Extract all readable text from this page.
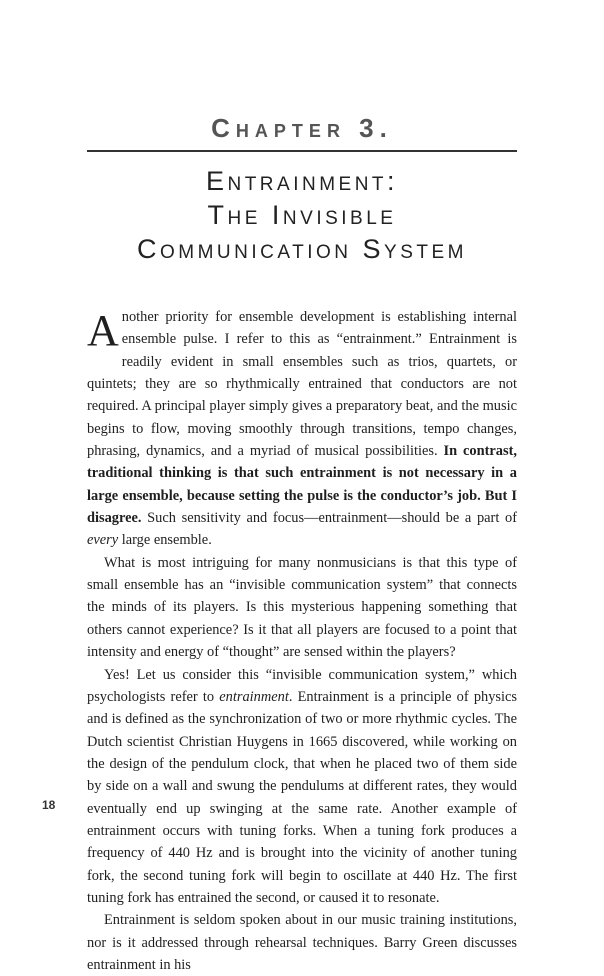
Chapter 3.
Entrainment:
The Invisible
Communication System

Another priority for ensemble development is establishing internal ensemble pulse. I refer to this as “entrainment.” Entrainment is readily evident in small ensembles such as trios, quartets, or quintets; they are so rhythmically entrained that conductors are not required. A principal player simply gives a preparatory beat, and the music begins to flow, moving smoothly through transitions, tempo changes, phrasing, dynamics, and a myriad of musical possibilities. In contrast, traditional thinking is that such entrainment is not necessary in a large ensemble, because setting the pulse is the conductor’s job. But I disagree. Such sensitivity and focus—entrainment—should be a part of every large ensemble.

What is most intriguing for many nonmusicians is that this type of small ensemble has an “invisible communication system” that connects the minds of its players. Is this mysterious happening something that others cannot experience? Is it that all players are focused to a point that intensity and energy of “thought” are sensed within the players?

Yes! Let us consider this “invisible communication system,” which psychologists refer to entrainment. Entrainment is a principle of physics and is defined as the synchronization of two or more rhythmic cycles. The Dutch scientist Christian Huygens in 1665 discovered, while working on the design of the pendulum clock, that when he placed two of them side by side on a wall and swung the pendulums at different rates, they would eventually end up swinging at the same rate. Another example of entrainment occurs with tuning forks. When a tuning fork produces a frequency of 440 Hz and is brought into the vicinity of another tuning fork, the second tuning fork will begin to oscillate at 440 Hz. The first tuning fork has entrained the second, or caused it to resonate.

Entrainment is seldom spoken about in our music training institutions, nor is it addressed through rehearsal techniques. Barry Green discusses entrainment in his

18
